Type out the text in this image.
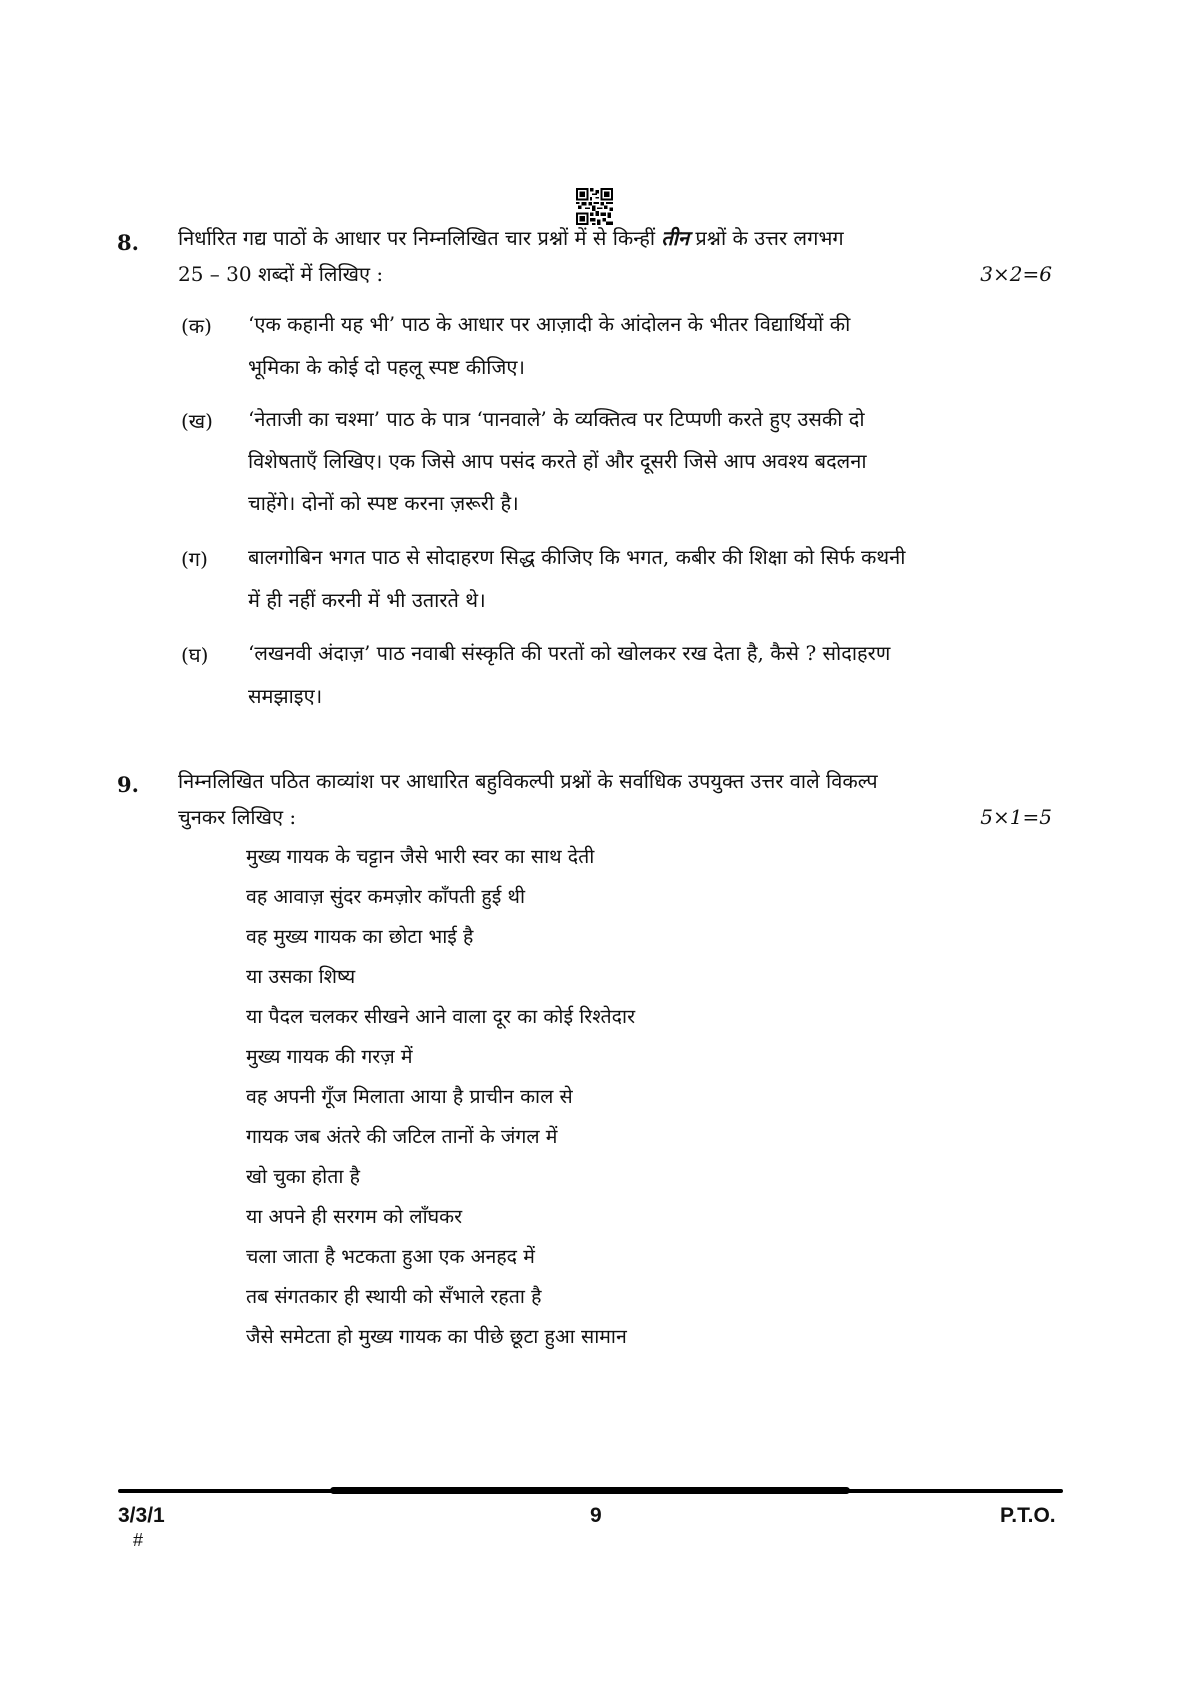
8. निर्धारित गद्य पाठों के आधार पर निम्नलिखित चार प्रश्नों में से किन्हीं तीन प्रश्नों के उत्तर लगभग
25 – 30 शब्दों में लिखिए :	3×2=6
(क) ‘एक कहानी यह भी’ पाठ के आधार पर आज़ादी के आंदोलन के भीतर विद्यार्थियों की
भूमिका के कोई दो पहलू स्पष्ट कीजिए।
(ख) ‘नेताजी का चश्मा’ पाठ के पात्र ‘पानवाले’ के व्यक्तित्व पर टिप्पणी करते हुए उसकी दो
विशेषताएँ लिखिए। एक जिसे आप पसंद करते हों और दूसरी जिसे आप अवश्य बदलना
चाहेंगे। दोनों को स्पष्ट करना ज़रूरी है।
(ग) बालगोबिन भगत पाठ से सोदाहरण सिद्ध कीजिए कि भगत, कबीर की शिक्षा को सिर्फ कथनी
में ही नहीं करनी में भी उतारते थे।
(घ) ‘लखनवी अंदाज़’ पाठ नवाबी संस्कृति की परतों को खोलकर रख देता है, कैसे ? सोदाहरण
समझाइए।
9. निम्नलिखित पठित काव्यांश पर आधारित बहुविकल्पी प्रश्नों के सर्वाधिक उपयुक्त उत्तर वाले विकल्प
चुनकर लिखिए :	5×1=5
मुख्य गायक के चट्टान जैसे भारी स्वर का साथ देती
वह आवाज़ सुंदर कमज़ोर काँपती हुई थी
वह मुख्य गायक का छोटा भाई है
या उसका शिष्य
या पैदल चलकर सीखने आने वाला दूर का कोई रिश्तेदार
मुख्य गायक की गरज़ में
वह अपनी गूँज मिलाता आया है प्राचीन काल से
गायक जब अंतरे की जटिल तानों के जंगल में
खो चुका होता है
या अपने ही सरगम को लाँघकर
चला जाता है भटकता हुआ एक अनहद में
तब संगतकार ही स्थायी को सँभाले रहता है
जैसे समेटता हो मुख्य गायक का पीछे छूटा हुआ सामान
3/3/1
#
9	P.T.O.
